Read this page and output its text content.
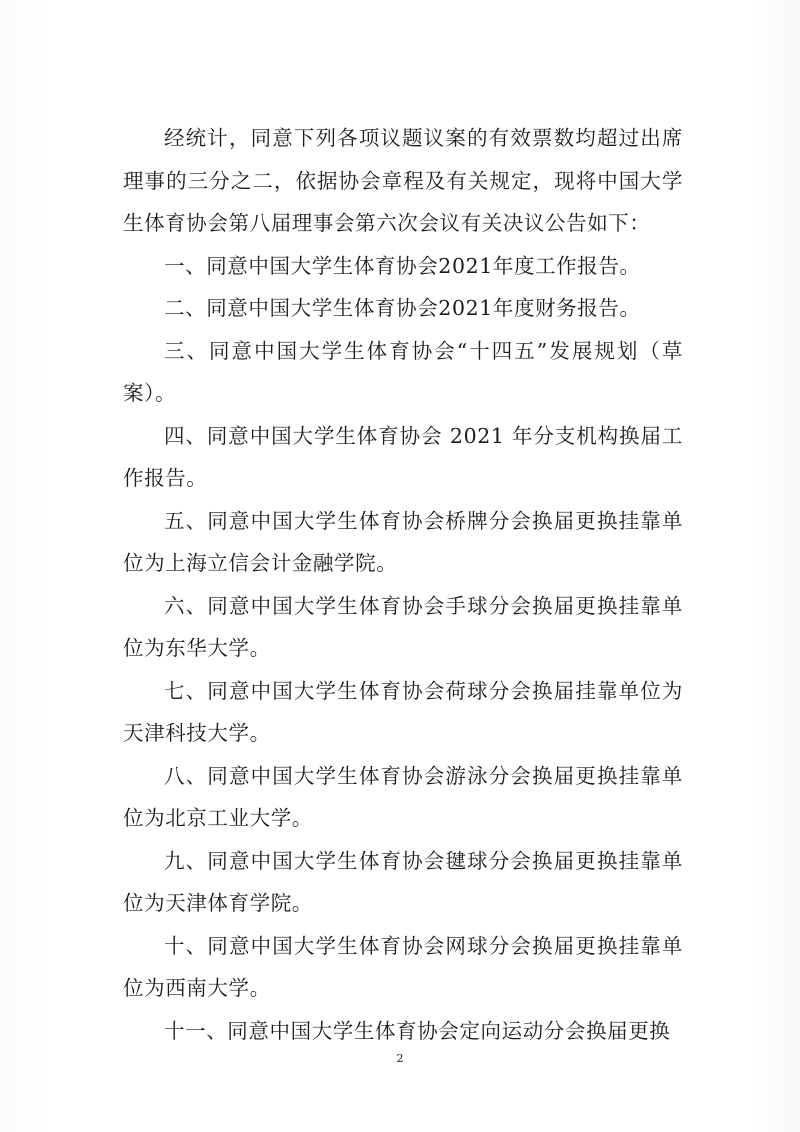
经统计，同意下列各项议题议案的有效票数均超过出席理事的三分之二，依据协会章程及有关规定，现将中国大学生体育协会第八届理事会第六次会议有关决议公告如下：

一、同意中国大学生体育协会2021年度工作报告。

二、同意中国大学生体育协会2021年度财务报告。

三、同意中国大学生体育协会“十四五”发展规划（草案）。

四、同意中国大学生体育协会 2021 年分支机构换届工作报告。

五、同意中国大学生体育协会桥牌分会换届更换挂靠单位为上海立信会计金融学院。

六、同意中国大学生体育协会手球分会换届更换挂靠单位为东华大学。

七、同意中国大学生体育协会荷球分会换届挂靠单位为天津科技大学。

八、同意中国大学生体育协会游泳分会换届更换挂靠单位为北京工业大学。

九、同意中国大学生体育协会毽球分会换届更换挂靠单位为天津体育学院。

十、同意中国大学生体育协会网球分会换届更换挂靠单位为西南大学。

十一、同意中国大学生体育协会定向运动分会换届更换

2
